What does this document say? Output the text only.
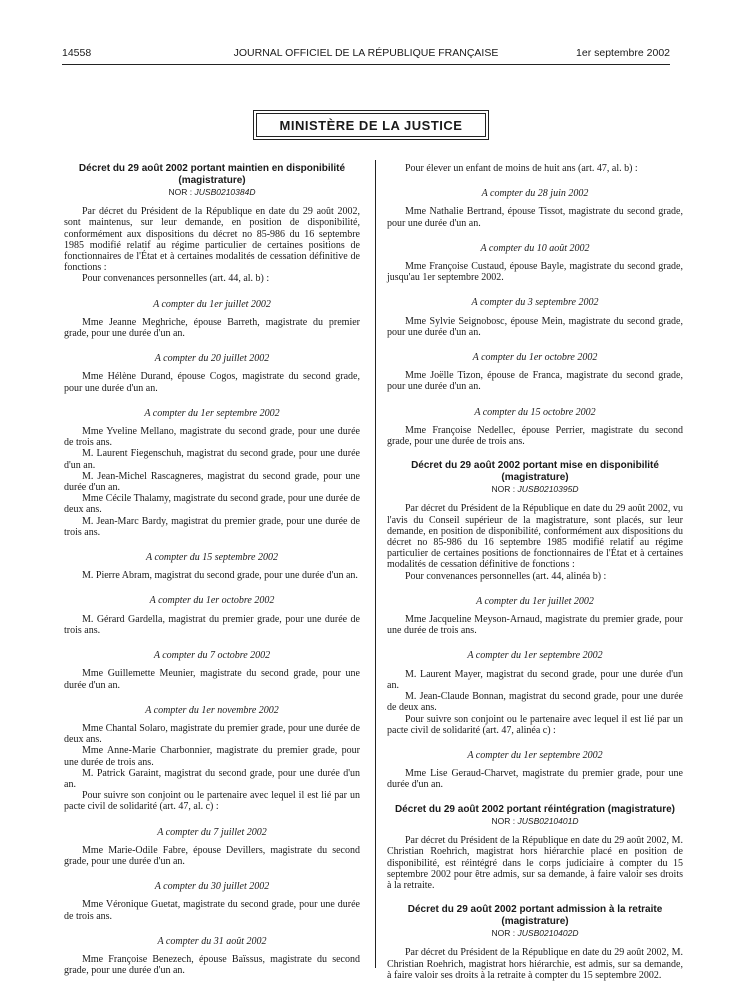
14558	JOURNAL OFFICIEL DE LA RÉPUBLIQUE FRANÇAISE	1er septembre 2002
MINISTÈRE DE LA JUSTICE
Décret du 29 août 2002 portant maintien en disponibilité (magistrature)
NOR : JUSB0210384D

Par décret du Président de la République en date du 29 août 2002, sont maintenus, sur leur demande, en position de disponibilité, conformément aux dispositions du décret no 85-986 du 16 septembre 1985 modifié relatif au régime particulier de certaines positions de fonctionnaires de l'État et à certaines modalités de cessation définitive de fonctions :

Pour convenances personnelles (art. 44, al. b) :

A compter du 1er juillet 2002

Mme Jeanne Meghriche, épouse Barreth, magistrate du premier grade, pour une durée d'un an.

A compter du 20 juillet 2002

Mme Hélène Durand, épouse Cogos, magistrate du second grade, pour une durée d'un an.

A compter du 1er septembre 2002

Mme Yveline Mellano, magistrate du second grade, pour une durée de trois ans.

M. Laurent Fiegenschuh, magistrat du second grade, pour une durée d'un an.

M. Jean-Michel Rascagneres, magistrat du second grade, pour une durée d'un an.

Mme Cécile Thalamy, magistrate du second grade, pour une durée de deux ans.

M. Jean-Marc Bardy, magistrat du premier grade, pour une durée de trois ans.

A compter du 15 septembre 2002

M. Pierre Abram, magistrat du second grade, pour une durée d'un an.

A compter du 1er octobre 2002

M. Gérard Gardella, magistrat du premier grade, pour une durée de trois ans.

A compter du 7 octobre 2002

Mme Guillemette Meunier, magistrate du second grade, pour une durée d'un an.

A compter du 1er novembre 2002

Mme Chantal Solaro, magistrate du premier grade, pour une durée de deux ans.

Mme Anne-Marie Charbonnier, magistrate du premier grade, pour une durée de trois ans.

M. Patrick Garaint, magistrat du second grade, pour une durée d'un an.

Pour suivre son conjoint ou le partenaire avec lequel il est lié par un pacte civil de solidarité (art. 47, al. c) :

A compter du 7 juillet 2002

Mme Marie-Odile Fabre, épouse Devillers, magistrate du second grade, pour une durée d'un an.

A compter du 30 juillet 2002

Mme Véronique Guetat, magistrate du second grade, pour une durée de trois ans.

A compter du 31 août 2002

Mme Françoise Benezech, épouse Baïssus, magistrate du second grade, pour une durée d'un an.

Pour élever un enfant de moins de huit ans (art. 47, al. b) :

A compter du 28 juin 2002

Mme Nathalie Bertrand, épouse Tissot, magistrate du second grade, pour une durée d'un an.

A compter du 10 août 2002

Mme Françoise Custaud, épouse Bayle, magistrate du second grade, jusqu'au 1er septembre 2002.

A compter du 3 septembre 2002

Mme Sylvie Seignobosc, épouse Mein, magistrate du second grade, pour une durée d'un an.

A compter du 1er octobre 2002

Mme Joëlle Tizon, épouse de Franca, magistrate du second grade, pour une durée d'un an.

A compter du 15 octobre 2002

Mme Françoise Nedellec, épouse Perrier, magistrate du second grade, pour une durée de trois ans.

Décret du 29 août 2002 portant mise en disponibilité (magistrature)
NOR : JUSB0210395D

Par décret du Président de la République en date du 29 août 2002, vu l'avis du Conseil supérieur de la magistrature, sont placés, sur leur demande, en position de disponibilité, conformément aux dispositions du décret no 85-986 du 16 septembre 1985 modifié relatif au régime particulier de certaines positions de fonctionnaires de l'État et à certaines modalités de cessation définitive de fonctions :

Pour convenances personnelles (art. 44, alinéa b) :

A compter du 1er juillet 2002

Mme Jacqueline Meyson-Arnaud, magistrate du premier grade, pour une durée de trois ans.

A compter du 1er septembre 2002

M. Laurent Mayer, magistrat du second grade, pour une durée d'un an.

M. Jean-Claude Bonnan, magistrat du second grade, pour une durée de deux ans.

Pour suivre son conjoint ou le partenaire avec lequel il est lié par un pacte civil de solidarité (art. 47, alinéa c) :

A compter du 1er septembre 2002

Mme Lise Geraud-Charvet, magistrate du premier grade, pour une durée d'un an.

Décret du 29 août 2002 portant réintégration (magistrature)
NOR : JUSB0210401D

Par décret du Président de la République en date du 29 août 2002, M. Christian Roehrich, magistrat hors hiérarchie placé en position de disponibilité, est réintégré dans le corps judiciaire à compter du 15 septembre 2002 pour être admis, sur sa demande, à faire valoir ses droits à la retraite.

Décret du 29 août 2002 portant admission à la retraite (magistrature)
NOR : JUSB0210402D

Par décret du Président de la République en date du 29 août 2002, M. Christian Roehrich, magistrat hors hiérarchie, est admis, sur sa demande, à faire valoir ses droits à la retraite à compter du 15 septembre 2002.
